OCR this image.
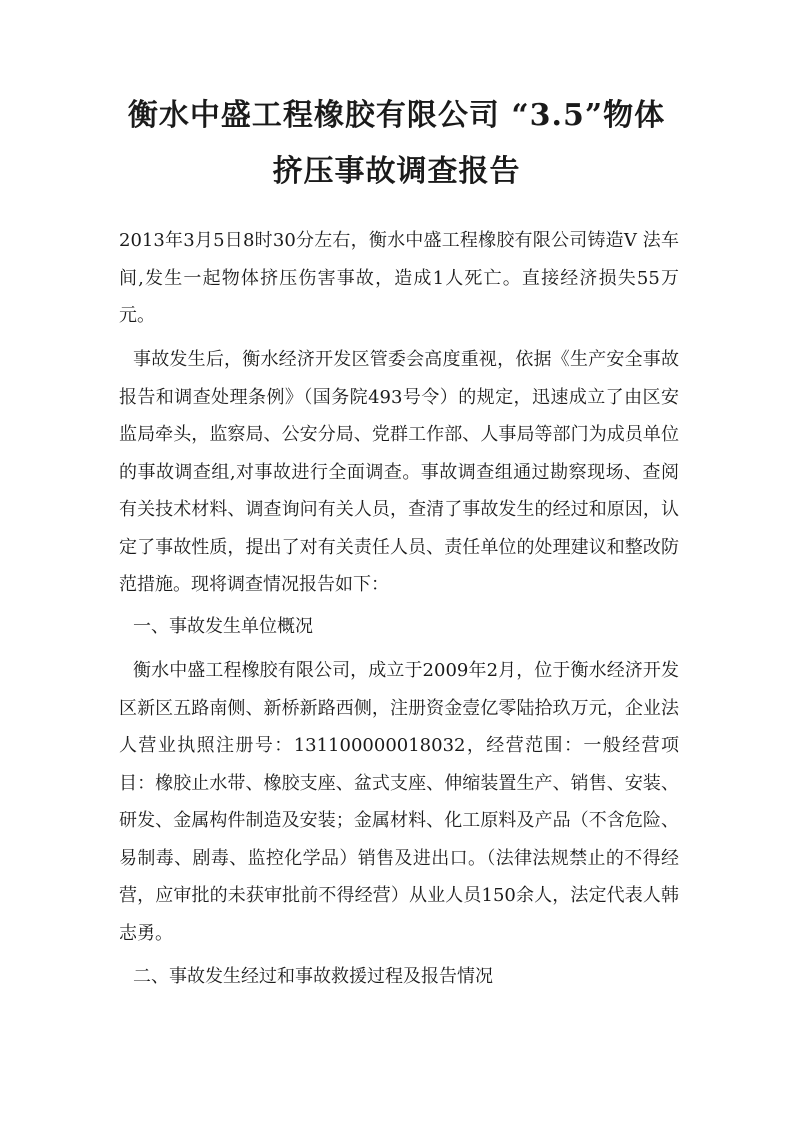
衡水中盛工程橡胶有限公司 “3.5”物体
挤压事故调查报告
2013年3月5日8时30分左右，衡水中盛工程橡胶有限公司铸造V 法车间,发生一起物体挤压伤害事故，造成1人死亡。直接经济损失55万元。
事故发生后，衡水经济开发区管委会高度重视，依据《生产安全事故报告和调查处理条例》（国务院493号令）的规定，迅速成立了由区安监局牵头，监察局、公安分局、党群工作部、人事局等部门为成员单位的事故调查组,对事故进行全面调查。事故调查组通过勘察现场、查阅有关技术材料、调查询问有关人员，查清了事故发生的经过和原因，认定了事故性质，提出了对有关责任人员、责任单位的处理建议和整改防范措施。现将调查情况报告如下：
一、事故发生单位概况
衡水中盛工程橡胶有限公司，成立于2009年2月，位于衡水经济开发区新区五路南侧、新桥新路西侧，注册资金壹亿零陆拾玖万元，企业法人营业执照注册号：131100000018032，经营范围：一般经营项目：橡胶止水带、橡胶支座、盆式支座、伸缩装置生产、销售、安装、研发、金属构件制造及安装；金属材料、化工原料及产品（不含危险、易制毒、剧毒、监控化学品）销售及进出口。（法律法规禁止的不得经营，应审批的未获审批前不得经营）从业人员150余人，法定代表人韩志勇。
二、事故发生经过和事故救援过程及报告情况
